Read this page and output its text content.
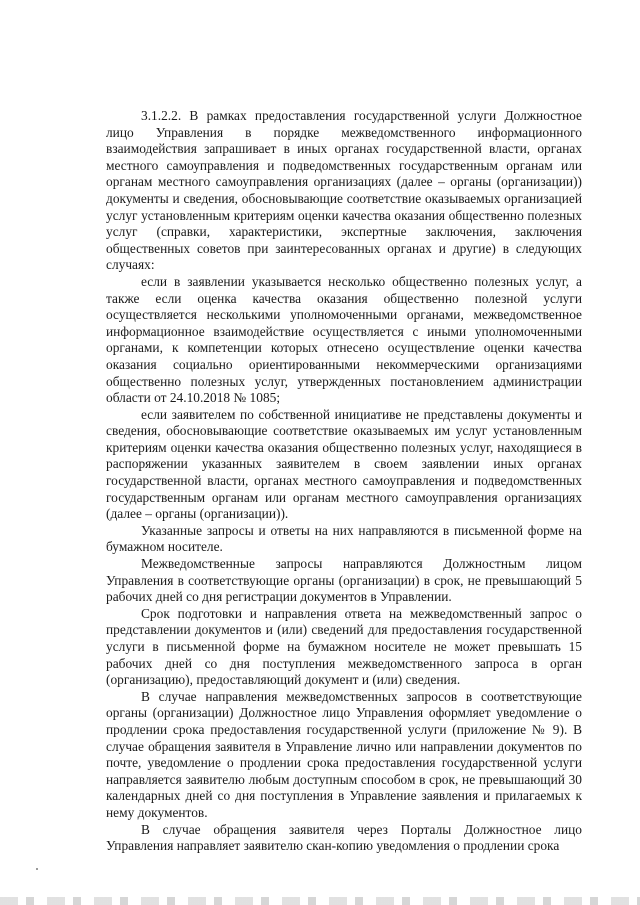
3.1.2.2. В рамках предоставления государственной услуги Должностное лицо Управления в порядке межведомственного информационного взаимодействия запрашивает в иных органах государственной власти, органах местного самоуправления и подведомственных государственным органам или органам местного самоуправления организациях (далее – органы (организации)) документы и сведения, обосновывающие соответствие оказываемых организацией услуг установленным критериям оценки качества оказания общественно полезных услуг (справки, характеристики, экспертные заключения, заключения общественных советов при заинтересованных органах и другие) в следующих случаях:

если в заявлении указывается несколько общественно полезных услуг, а также если оценка качества оказания общественно полезной услуги осуществляется несколькими уполномоченными органами, межведомственное информационное взаимодействие осуществляется с иными уполномоченными органами, к компетенции которых отнесено осуществление оценки качества оказания социально ориентированными некоммерческими организациями общественно полезных услуг, утвержденных постановлением администрации области от 24.10.2018 № 1085;

если заявителем по собственной инициативе не представлены документы и сведения, обосновывающие соответствие оказываемых им услуг установленным критериям оценки качества оказания общественно полезных услуг, находящиеся в распоряжении указанных заявителем в своем заявлении иных органах государственной власти, органах местного самоуправления и подведомственных государственным органам или органам местного самоуправления организациях (далее – органы (организации)).

Указанные запросы и ответы на них направляются в письменной форме на бумажном носителе.

Межведомственные запросы направляются Должностным лицом Управления в соответствующие органы (организации) в срок, не превышающий 5 рабочих дней со дня регистрации документов в Управлении.

Срок подготовки и направления ответа на межведомственный запрос о представлении документов и (или) сведений для предоставления государственной услуги в письменной форме на бумажном носителе не может превышать 15 рабочих дней со дня поступления межведомственного запроса в орган (организацию), предоставляющий документ и (или) сведения.

В случае направления межведомственных запросов в соответствующие органы (организации) Должностное лицо Управления оформляет уведомление о продлении срока предоставления государственной услуги (приложение № 9). В случае обращения заявителя в Управление лично или направлении документов по почте, уведомление о продлении срока предоставления государственной услуги направляется заявителю любым доступным способом в срок, не превышающий 30 календарных дней со дня поступления в Управление заявления и прилагаемых к нему документов.

В случае обращения заявителя через Порталы Должностное лицо Управления направляет заявителю скан-копию уведомления о продлении срока
